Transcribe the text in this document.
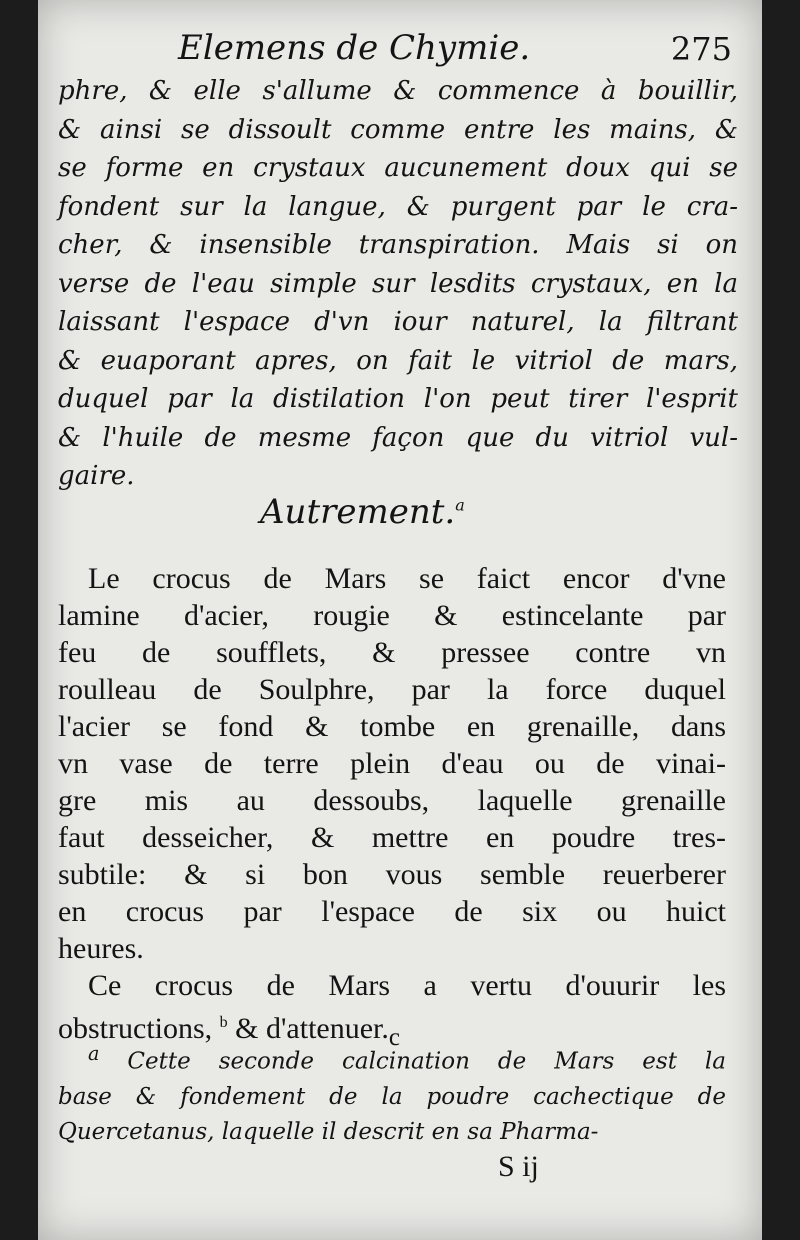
Elemens de Chymie.	275
phre, & elle s'allume & commence à bouillir,
& ainsi se dissoult comme entre les mains, &
se forme en crystaux aucunement doux qui se
fondent sur la langue, & purgent par le cra-
cher, & insensible transpiration. Mais si on
verse de l'eau simple sur lesdits crystaux, en la
laissant l'espace d'vn iour naturel, la filtrant
& euaporant apres, on fait le vitriol de mars,
duquel par la distilation l'on peut tirer l'esprit
& l'huile de mesme façon que du vitriol vul-
gaire.
Autrement.$^a$
Le crocus de Mars se faict encor d'vne
lamine d'acier, rougie & estincelante par
feu de soufflets, & pressee contre vn
roulleau de Soulphre, par la force duquel
l'acier se fond & tombe en grenaille, dans
vn vase de terre plein d'eau ou de vinai-
gre mis au dessoubs, laquelle grenaille
faut desseicher, & mettre en poudre tres-
subtile: & si bon vous semble reuerberer
en crocus par l'espace de six ou huict
heures.
Ce crocus de Mars a vertu d'ouurir les
obstructions, $^b$ & $d'attenuer._c$
$^a$ Cette seconde calcination de Mars est la
base & fondement de la poudre cachectique de
Quercetanus, laquelle il descrit en sa Pharma-
S ij
